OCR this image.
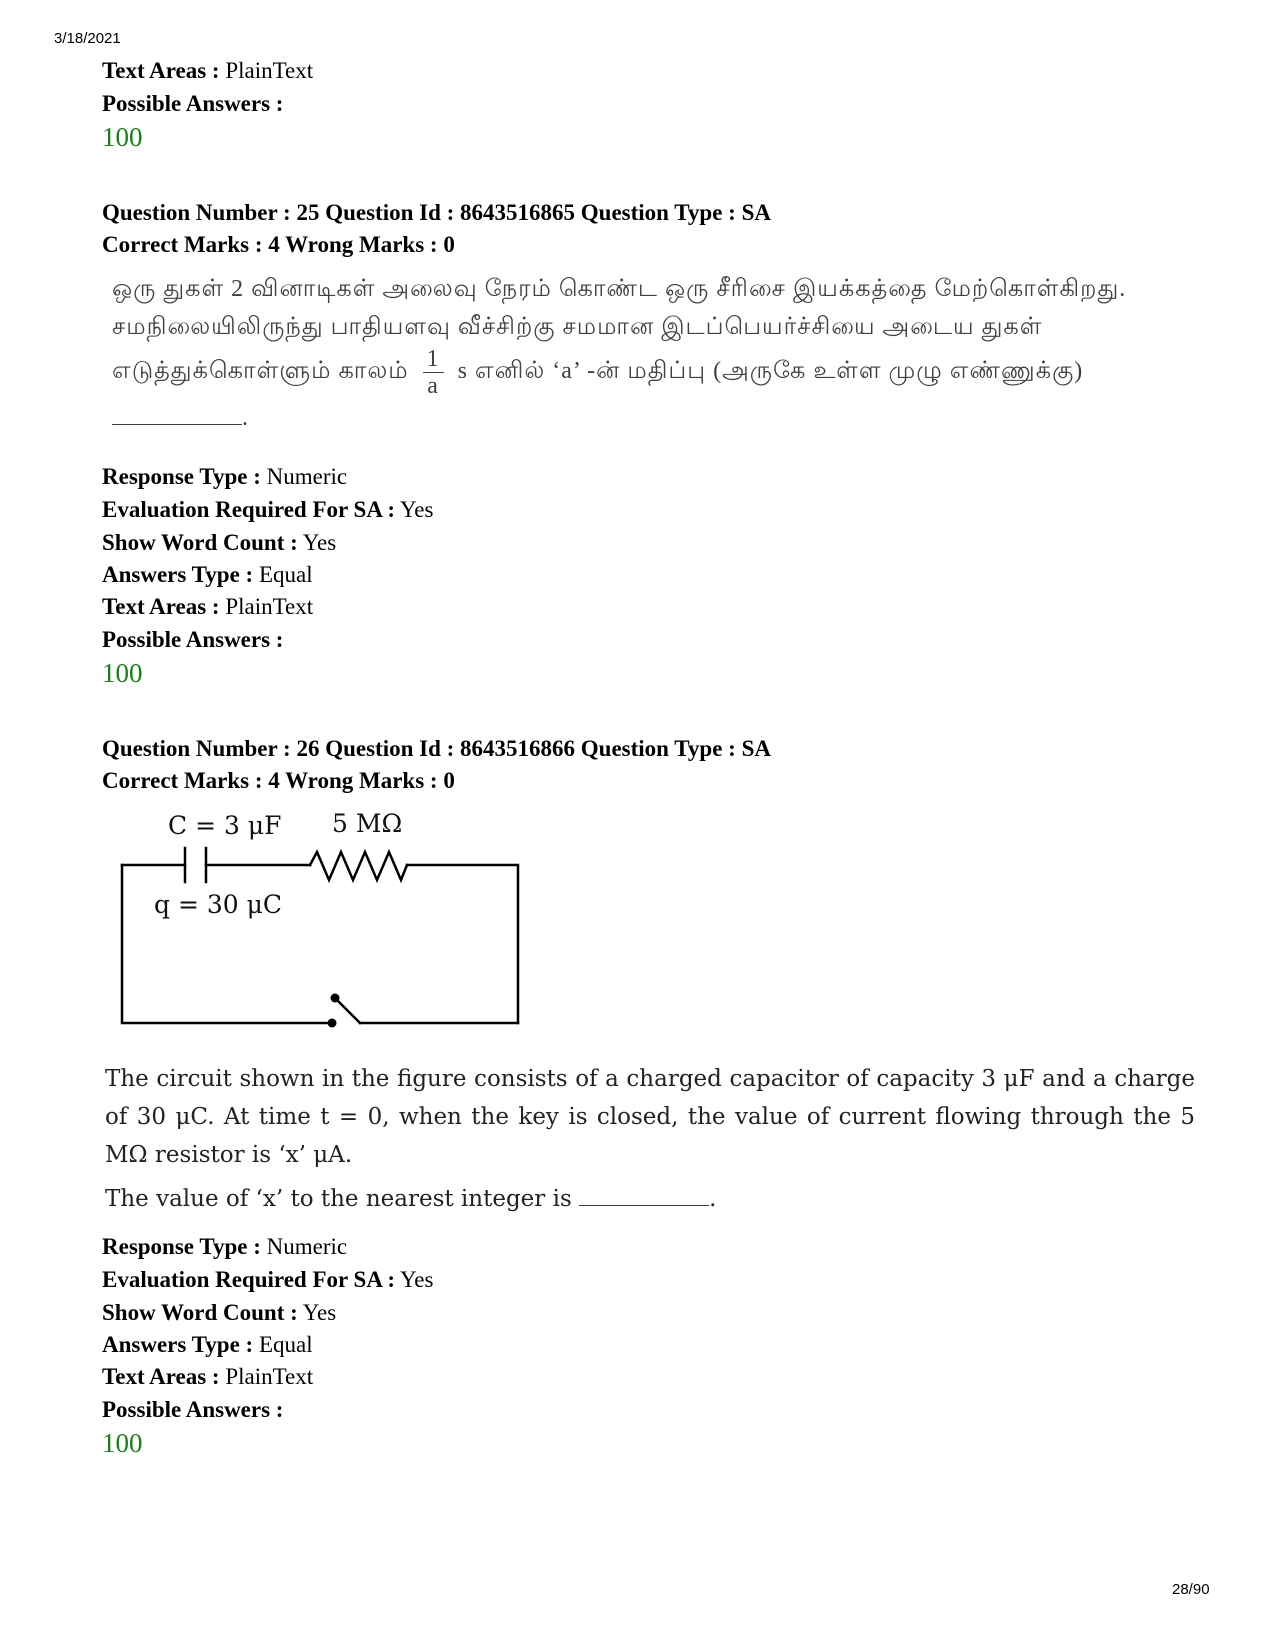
3/18/2021
Text Areas : PlainText
Possible Answers :
100
Question Number : 25 Question Id : 8643516865 Question Type : SA
Correct Marks : 4 Wrong Marks : 0
ஒரு துகள் 2 வினாடிகள் அலைவு நேரம் கொண்ட ஒரு சீரிசை இயக்கத்தை மேற்கொள்கிறது. சமநிலையிலிருந்து பாதியளவு வீச்சிற்கு சமமான இடப்பெயர்ச்சியை அடைய துகள் எடுத்துக்கொள்ளும் காலம் $\frac{1}{a}$ s எனில் ‘a’ -ன் மதிப்பு (அருகே உள்ள முழு எண்ணுக்கு) .
Response Type : Numeric
Evaluation Required For SA : Yes
Show Word Count : Yes
Answers Type : Equal
Text Areas : PlainText
Possible Answers :
100
Question Number : 26 Question Id : 8643516866 Question Type : SA
Correct Marks : 4 Wrong Marks : 0
C = 3 μF 5 MΩ
q = 30 μC
The circuit shown in the figure consists of a charged capacitor of capacity 3 μF and a charge of 30 μC. At time t = 0, when the key is closed, the value of current flowing through the 5 MΩ resistor is ‘x’ μA.
The value of ‘x’ to the nearest integer is	.
Response Type : Numeric
Evaluation Required For SA : Yes
Show Word Count : Yes
Answers Type : Equal
Text Areas : PlainText
Possible Answers :
100
28/90
